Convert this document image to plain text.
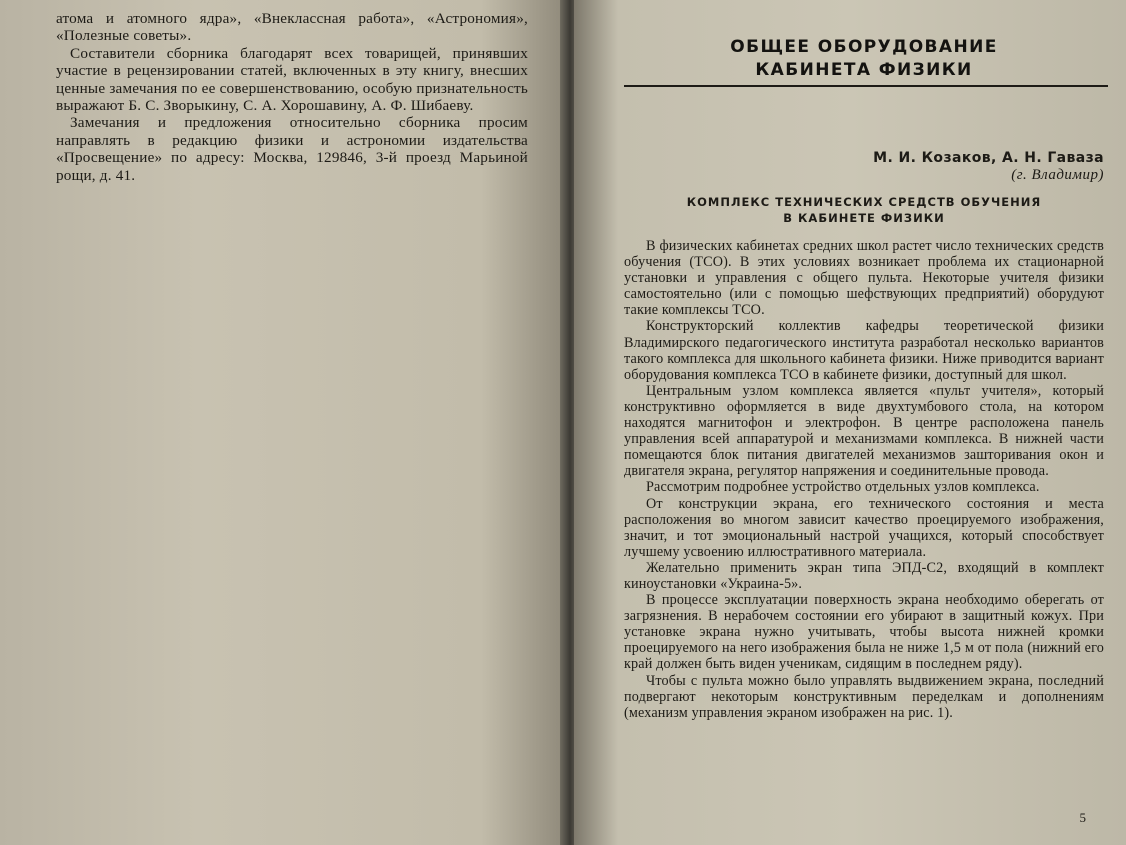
атома и атомного ядра», «Внеклассная работа», «Астрономия», «Полезные советы».

Составители сборника благодарят всех товарищей, принявших участие в рецензировании статей, включенных в эту книгу, внесших ценные замечания по ее совершенствованию, особую признательность выражают Б. С. Зворыкину, С. А. Хорошавину, А. Ф. Шибаеву.

Замечания и предложения относительно сборника просим направлять в редакцию физики и астрономии издательства «Просвещение» по адресу: Москва, 129846, 3-й проезд Марьиной рощи, д. 41.

ОБЩЕЕ ОБОРУДОВАНИЕ
КАБИНЕТА ФИЗИКИ
М. И. Козаков, А. Н. Гаваза
(г. Владимир)
КОМПЛЕКС ТЕХНИЧЕСКИХ СРЕДСТВ ОБУЧЕНИЯ
В КАБИНЕТЕ ФИЗИКИ

В физических кабинетах средних школ растет число технических средств обучения (ТСО). В этих условиях возникает проблема их стационарной установки и управления с общего пульта. Некоторые учителя физики самостоятельно (или с помощью шефствующих предприятий) оборудуют такие комплексы ТСО.

Конструкторский коллектив кафедры теоретической физики Владимирского педагогического института разработал несколько вариантов такого комплекса для школьного кабинета физики. Ниже приводится вариант оборудования комплекса ТСО в кабинете физики, доступный для школ.

Центральным узлом комплекса является «пульт учителя», который конструктивно оформляется в виде двухтумбового стола, на котором находятся магнитофон и электрофон. В центре расположена панель управления всей аппаратурой и механизмами комплекса. В нижней части помещаются блок питания двигателей механизмов зашторивания окон и двигателя экрана, регулятор напряжения и соединительные провода.

Рассмотрим подробнее устройство отдельных узлов комплекса.

От конструкции экрана, его технического состояния и места расположения во многом зависит качество проецируемого изображения, значит, и тот эмоциональный настрой учащихся, который способствует лучшему усвоению иллюстративного материала.

Желательно применить экран типа ЭПД-С2, входящий в комплект киноустановки «Украина-5».

В процессе эксплуатации поверхность экрана необходимо оберегать от загрязнения. В нерабочем состоянии его убирают в защитный кожух. При установке экрана нужно учитывать, чтобы высота нижней кромки проецируемого на него изображения была не ниже 1,5 м от пола (нижний его край должен быть виден ученикам, сидящим в последнем ряду).

Чтобы с пульта можно было управлять выдвижением экрана, последний подвергают некоторым конструктивным переделкам и дополнениям (механизм управления экраном изображен на рис. 1).

5
